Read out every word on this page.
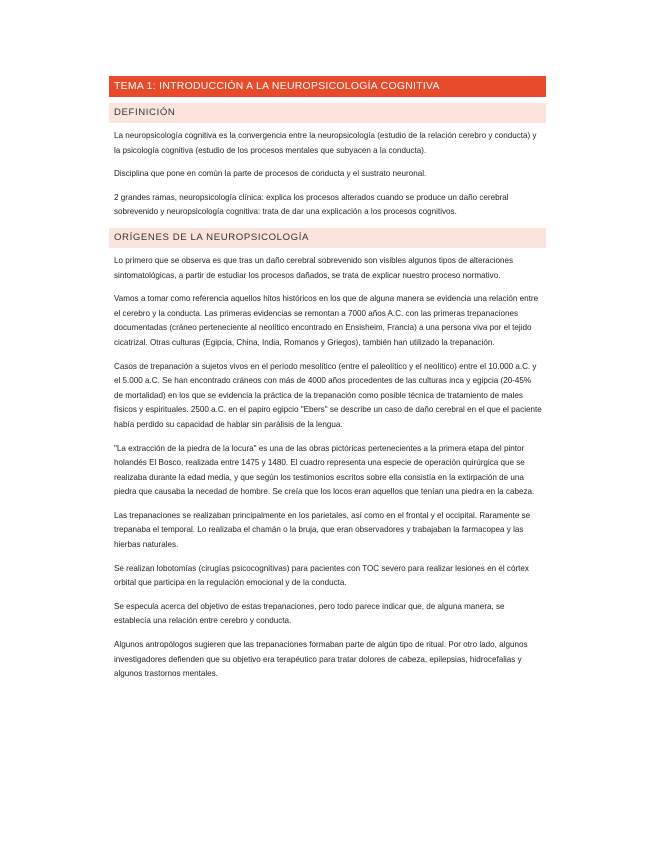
TEMA 1: INTRODUCCIÓN A LA NEUROPSICOLOGÍA COGNITIVA
DEFINICIÓN

La neuropsicología cognitiva es la convergencia entre la neuropsicología (estudio de la relación cerebro y conducta) y la psicología cognitiva (estudio de los procesos mentales que subyacen a la conducta).

Disciplina que pone en común la parte de procesos de conducta y el sustrato neuronal.

2 grandes ramas, neuropsicología clínica: explica los procesos alterados cuando se produce un daño cerebral sobrevenido y neuropsicología cognitiva: trata de dar una explicación a los procesos cognitivos.

ORÍGENES DE LA NEUROPSICOLOGÍA

Lo primero que se observa es que tras un daño cerebral sobrevenido son visibles algunos tipos de alteraciones sintomatológicas, a partir de estudiar los procesos dañados, se trata de explicar nuestro proceso normativo.

Vamos a tomar como referencia aquellos hitos históricos en los que de alguna manera se evidencia una relación entre el cerebro y la conducta. Las primeras evidencias se remontan a 7000 años A.C. con las primeras trepanaciones documentadas (cráneo perteneciente al neolítico encontrado en Ensisheim, Francia) a una persona viva por el tejido cicatrizal. Otras culturas (Egipcia, China, India, Romanos y Griegos), también han utilizado la trepanación.

Casos de trepanación a sujetos vivos en el período mesolítico (entre el paleolítico y el neolítico) entre el 10.000 a.C. y el 5.000 a.C. Se han encontrado cráneos con más de 4000 años procedentes de las culturas inca y egipcia (20-45% de mortalidad) en los que se evidencia la práctica de la trepanación como posible técnica de tratamiento de males físicos y espirituales. 2500 a.C. en el papiro egipcio "Ebers" se describe un caso de daño cerebral en el que el paciente había perdido su capacidad de hablar sin parálisis de la lengua.

"La extracción de la piedra de la locura" es una de las obras pictóricas pertenecientes a la primera etapa del pintor holandés El Bosco, realizada entre 1475 y 1480. El cuadro representa una especie de operación quirúrgica que se realizaba durante la edad media, y que según los testimonios escritos sobre ella consistía en la extirpación de una piedra que causaba la necedad de hombre. Se creía que los locos eran aquellos que tenían una piedra en la cabeza.

Las trepanaciones se realizaban principalmente en los parietales, así como en el frontal y el occipital. Raramente se trepanaba el temporal. Lo realizaba el chamán o la bruja, que eran observadores y trabajaban la farmacopea y las hierbas naturales.

Se realizan lobotomías (cirugías psicocognitivas) para pacientes con TOC severo para realizar lesiones en el córtex orbital que participa en la regulación emocional y de la conducta.

Se especula acerca del objetivo de estas trepanaciones, pero todo parece indicar que, de alguna manera, se establecía una relación entre cerebro y conducta.

Algunos antropólogos sugieren que las trepanaciones formaban parte de algún tipo de ritual. Por otro lado, algunos investigadores defienden que su objetivo era terapéutico para tratar dolores de cabeza, epilepsias, hidrocefalias y algunos trastornos mentales.
